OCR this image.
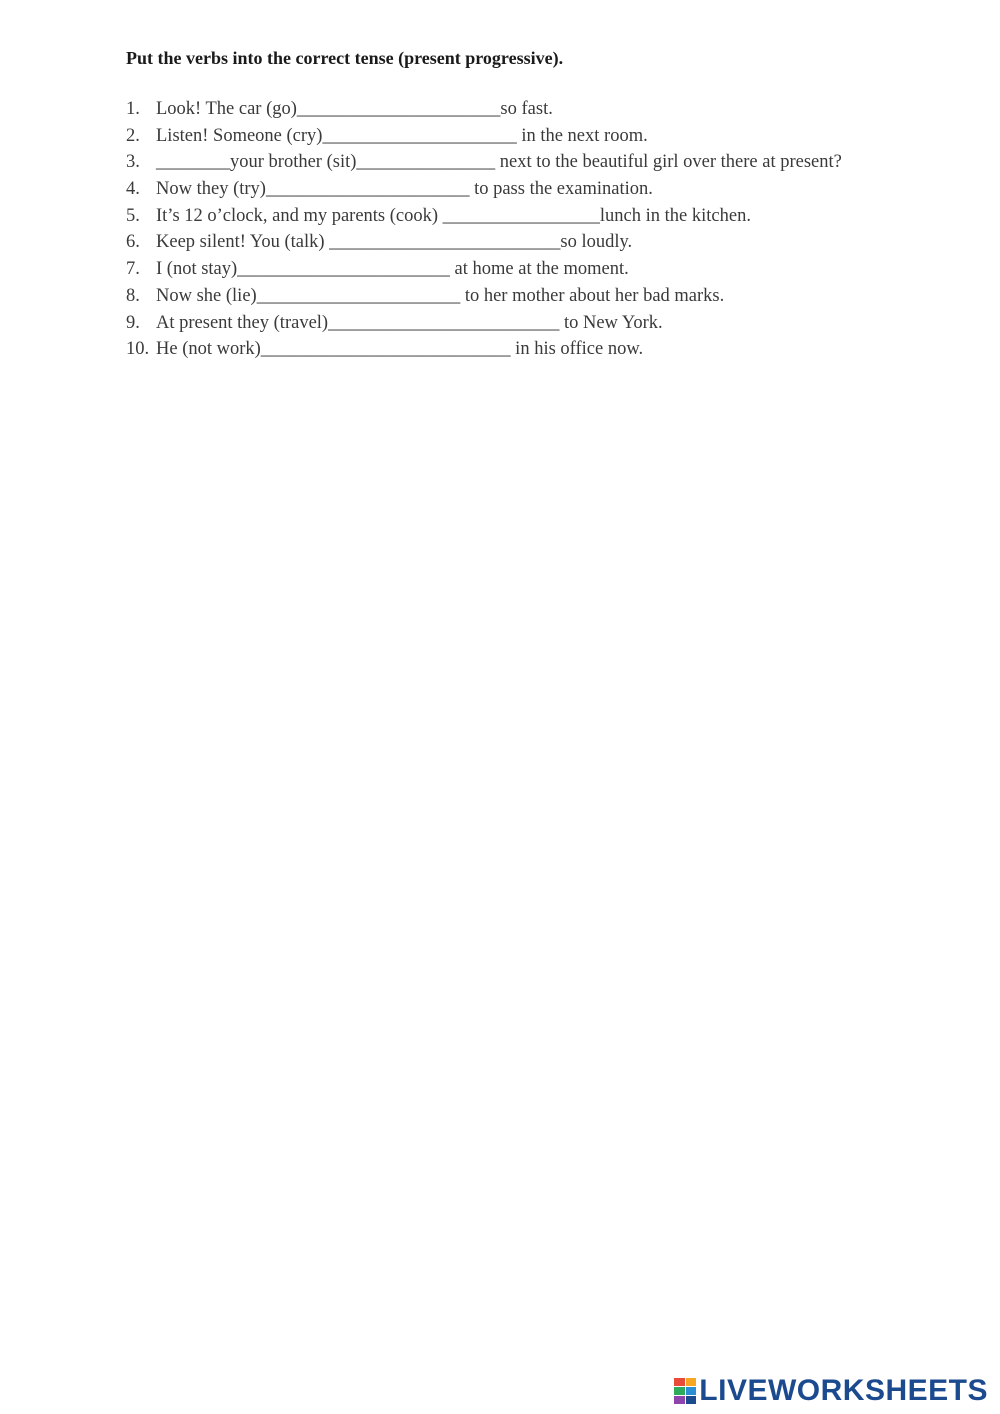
Put the verbs into the correct tense (present progressive).
1. Look! The car (go)______________________so fast.
2. Listen! Someone (cry)_____________________ in the next room.
3. ________your brother (sit)_______________ next to the beautiful girl over there at present?
4. Now they (try)______________________ to pass the examination.
5. It’s 12 o’clock, and my parents (cook) _________________lunch in the kitchen.
6. Keep silent! You (talk) _________________________so loudly.
7. I (not stay)_______________________ at home at the moment.
8. Now she (lie)______________________ to her mother about her bad marks.
9. At present they (travel)_________________________ to New York.
10. He (not work)___________________________ in his office now.
LIVEWORKSHEETS
